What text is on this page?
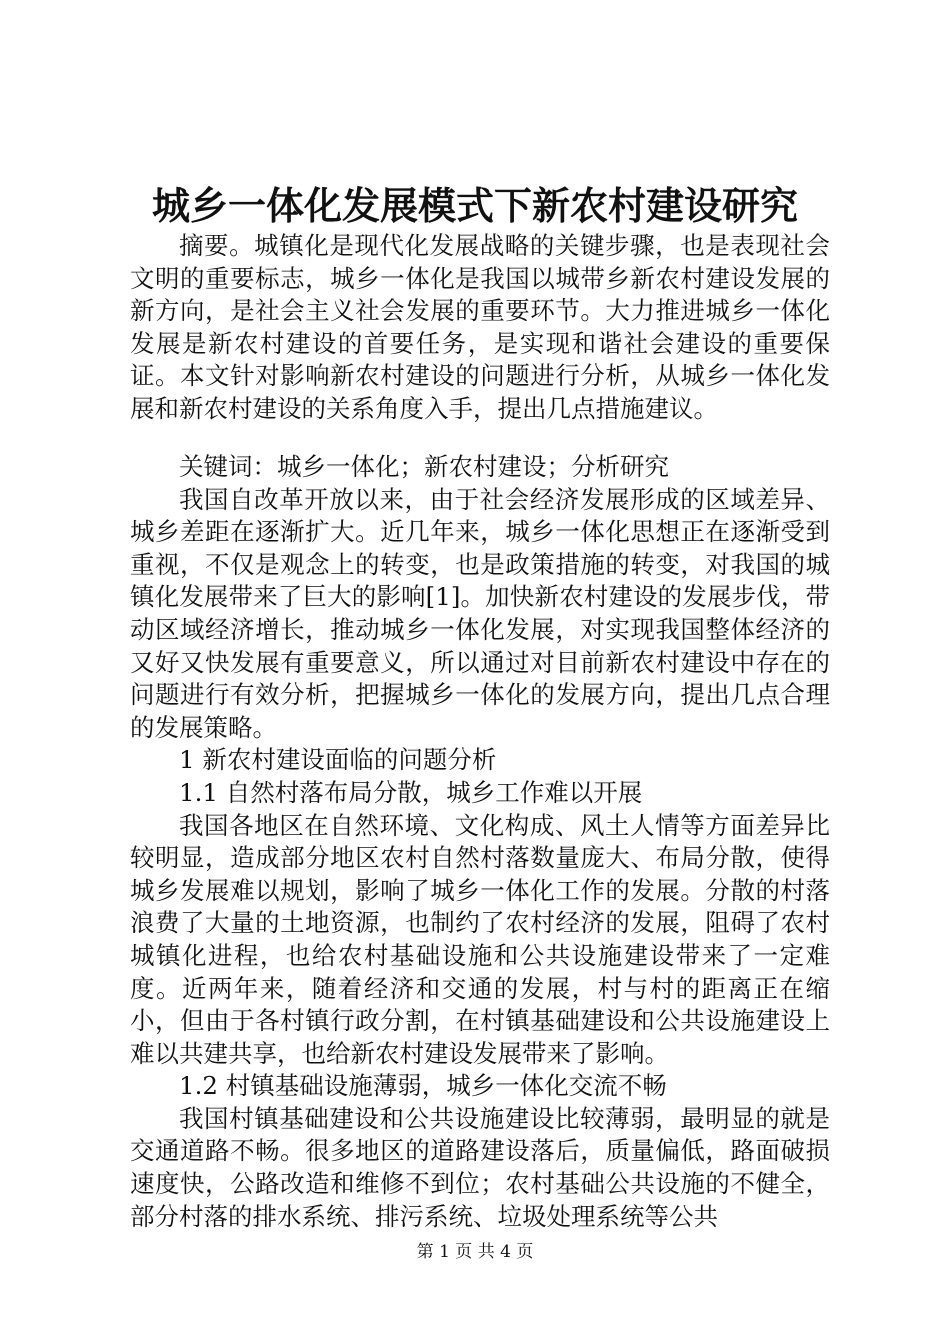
城乡一体化发展模式下新农村建设研究

摘要。城镇化是现代化发展战略的关键步骤，也是表现社会文明的重要标志，城乡一体化是我国以城带乡新农村建设发展的新方向，是社会主义社会发展的重要环节。大力推进城乡一体化发展是新农村建设的首要任务，是实现和谐社会建设的重要保证。本文针对影响新农村建设的问题进行分析，从城乡一体化发展和新农村建设的关系角度入手，提出几点措施建议。

关键词：城乡一体化；新农村建设；分析研究

我国自改革开放以来，由于社会经济发展形成的区域差异、城乡差距在逐渐扩大。近几年来，城乡一体化思想正在逐渐受到重视，不仅是观念上的转变，也是政策措施的转变，对我国的城镇化发展带来了巨大的影响[1]。加快新农村建设的发展步伐，带动区域经济增长，推动城乡一体化发展，对实现我国整体经济的又好又快发展有重要意义，所以通过对目前新农村建设中存在的问题进行有效分析，把握城乡一体化的发展方向，提出几点合理的发展策略。

1 新农村建设面临的问题分析

1.1 自然村落布局分散，城乡工作难以开展

我国各地区在自然环境、文化构成、风土人情等方面差异比较明显，造成部分地区农村自然村落数量庞大、布局分散，使得城乡发展难以规划，影响了城乡一体化工作的发展。分散的村落浪费了大量的土地资源，也制约了农村经济的发展，阻碍了农村城镇化进程，也给农村基础设施和公共设施建设带来了一定难度。近两年来，随着经济和交通的发展，村与村的距离正在缩小，但由于各村镇行政分割，在村镇基础建设和公共设施建设上难以共建共享，也给新农村建设发展带来了影响。

1.2 村镇基础设施薄弱，城乡一体化交流不畅

我国村镇基础建设和公共设施建设比较薄弱，最明显的就是交通道路不畅。很多地区的道路建设落后，质量偏低，路面破损速度快，公路改造和维修不到位；农村基础公共设施的不健全，部分村落的排水系统、排污系统、垃圾处理系统等公共

第 1 页 共 4 页
